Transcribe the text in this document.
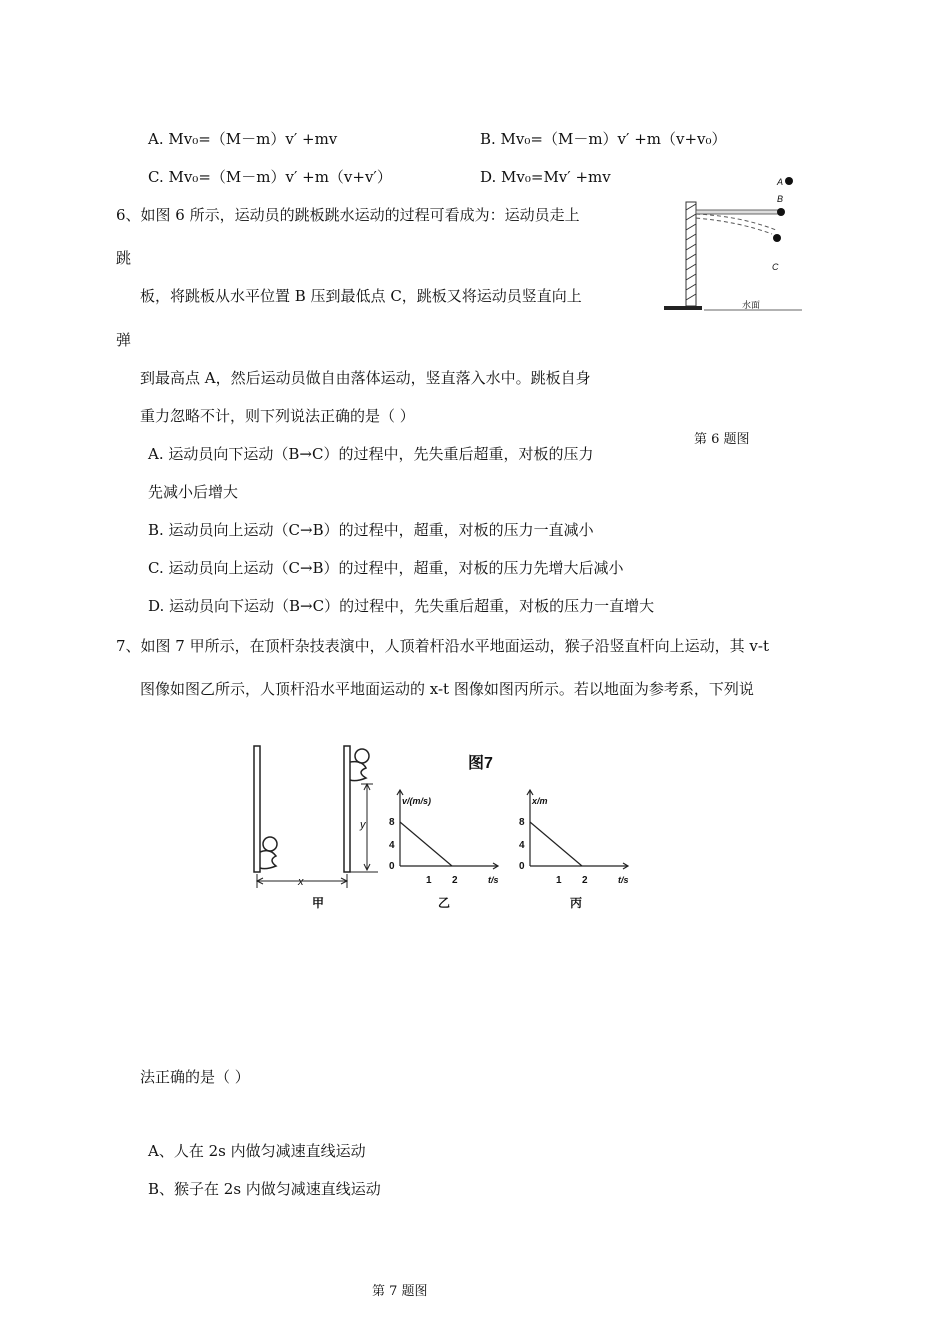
A. Mv₀=（M－m）v′ +mv	B. Mv₀=（M－m）v′ +m（v+v₀）
C. Mv₀=（M－m）v′ +m（v+v′）	D. Mv₀=Mv′ +mv
6、如图 6 所示，运动员的跳板跳水运动的过程可看成为：运动员走上
跳
板，将跳板从水平位置 B 压到最低点 C，跳板又将运动员竖直向上
弹
到最高点 A，然后运动员做自由落体运动，竖直落入水中。跳板自身
重力忽略不计，则下列说法正确的是（ ）
A. 运动员向下运动（B→C）的过程中，先失重后超重，对板的压力
先减小后增大
B. 运动员向上运动（C→B）的过程中，超重，对板的压力一直减小
C. 运动员向上运动（C→B）的过程中，超重，对板的压力先增大后减小
D. 运动员向下运动（B→C）的过程中，先失重后超重，对板的压力一直增大
第 6 题图
水面
A
B
C
7、如图 7 甲所示，在顶杆杂技表演中，人顶着杆沿水平地面运动，猴子沿竖直杆向上运动，其 v-t
图像如图乙所示，人顶杆沿水平地面运动的 x-t 图像如图丙所示。若以地面为参考系，下列说
y
x
甲
图7
v/(m/s)
8
4
0
1 2	t/s
乙
x/m
8
4
0
1 2	t/s
丙
法正确的是（ ）
A、人在 2s 内做匀减速直线运动
B、猴子在 2s 内做匀减速直线运动
第 7 题图
